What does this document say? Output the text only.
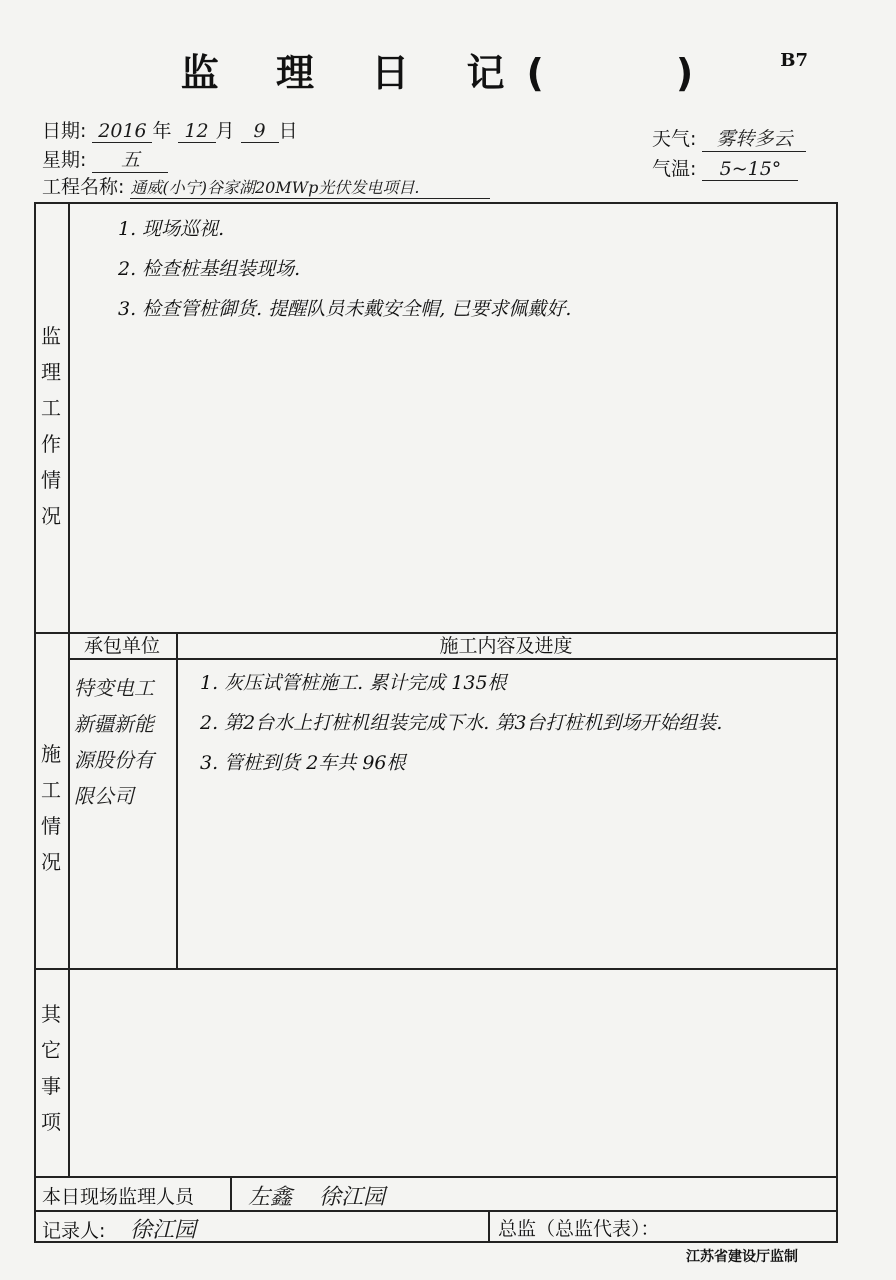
监 理 日 记(	)	B7
日期: 2016 年 12 月 9 日
星期: 五
工程名称: 通威(小宁)谷家湖20MWp光伏发电项目.
天气: 雾转多云
气温: 5~15°
监理工作情况
1. 现场巡视.
2. 检查桩基组装现场.
3. 检查管桩御货. 提醒队员未戴安全帽, 已要求佩戴好.
施工情况
承包单位	施工内容及进度
特变电工新疆新能源股份有限公司
1. 灰压试管桩施工. 累计完成 135根
2. 第2台水上打桩机组装完成下水. 第3台打桩机到场开始组装.
3. 管桩到货 2车共 96根
其它事项
本日现场监理人员 左鑫 徐江园
记录人: 徐江园	总监（总监代表）：
江苏省建设厅监制
